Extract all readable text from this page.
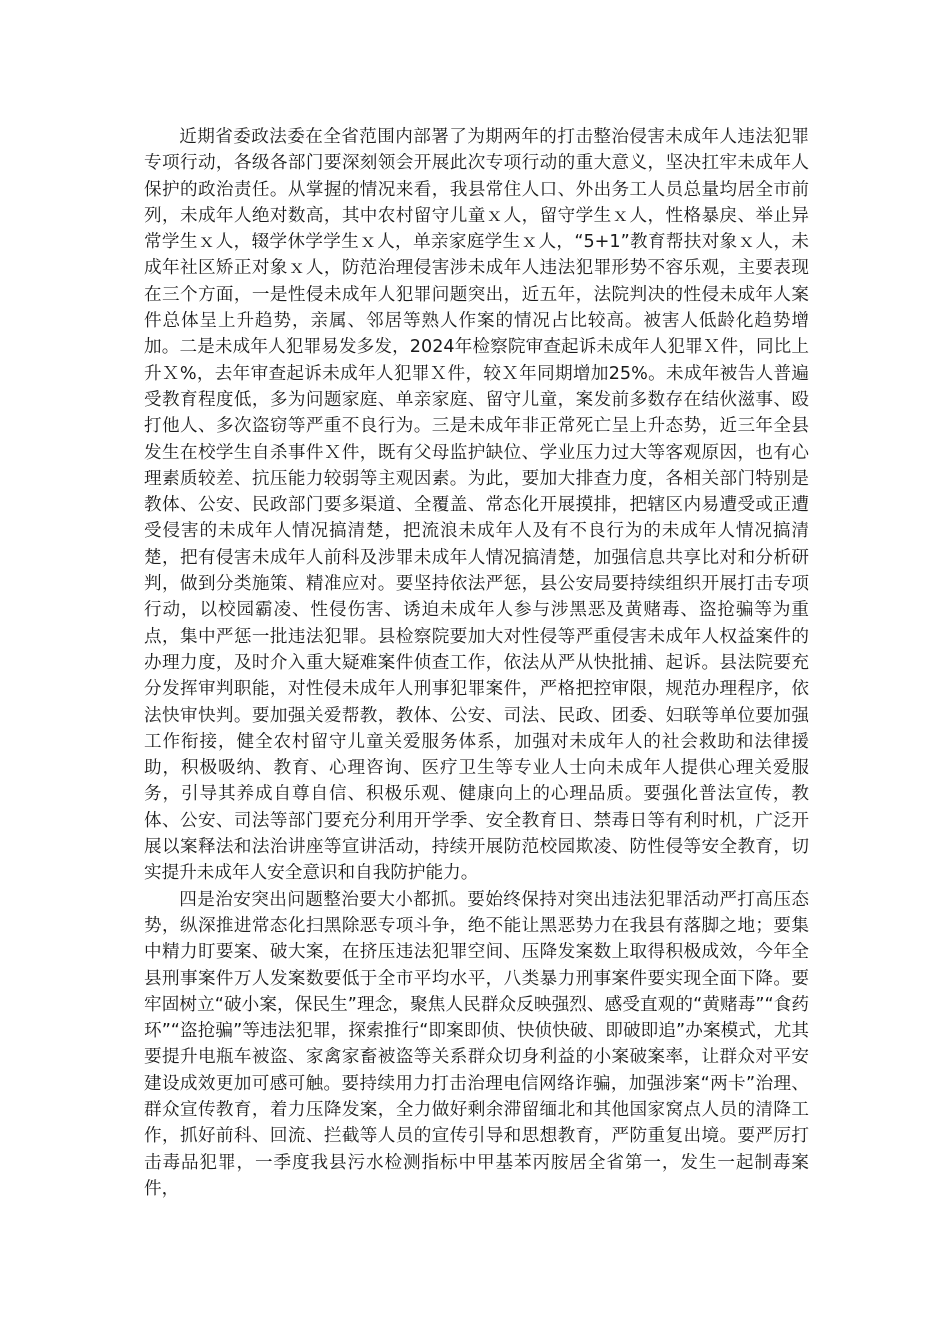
近期省委政法委在全省范围内部署了为期两年的打击整治侵害未成年人违法犯罪专项行动，各级各部门要深刻领会开展此次专项行动的重大意义，坚决扛牢未成年人保护的政治责任。从掌握的情况来看，我县常住人口、外出务工人员总量均居全市前列，未成年人绝对数高，其中农村留守儿童ｘ人，留守学生ｘ人，性格暴戾、举止异常学生ｘ人，辍学休学学生ｘ人，单亲家庭学生ｘ人，“5+1”教育帮扶对象ｘ人，未成年社区矫正对象ｘ人，防范治理侵害涉未成年人违法犯罪形势不容乐观，主要表现在三个方面，一是性侵未成年人犯罪问题突出，近五年，法院判决的性侵未成年人案件总体呈上升趋势，亲属、邻居等熟人作案的情况占比较高。被害人低龄化趋势增加。二是未成年人犯罪易发多发，2024年检察院审查起诉未成年人犯罪Ｘ件，同比上升Ｘ%，去年审查起诉未成年人犯罪Ｘ件，较Ｘ年同期增加25%。未成年被告人普遍受教育程度低，多为问题家庭、单亲家庭、留守儿童，案发前多数存在结伙滋事、殴打他人、多次盗窃等严重不良行为。三是未成年非正常死亡呈上升态势，近三年全县发生在校学生自杀事件Ｘ件，既有父母监护缺位、学业压力过大等客观原因，也有心理素质较差、抗压能力较弱等主观因素。为此，要加大排查力度，各相关部门特别是教体、公安、民政部门要多渠道、全覆盖、常态化开展摸排，把辖区内易遭受或正遭受侵害的未成年人情况搞清楚，把流浪未成年人及有不良行为的未成年人情况搞清楚，把有侵害未成年人前科及涉罪未成年人情况搞清楚，加强信息共享比对和分析研判，做到分类施策、精准应对。要坚持依法严惩，县公安局要持续组织开展打击专项行动，以校园霸凌、性侵伤害、诱迫未成年人参与涉黑恶及黄赌毒、盗抢骗等为重点，集中严惩一批违法犯罪。县检察院要加大对性侵等严重侵害未成年人权益案件的办理力度，及时介入重大疑难案件侦查工作，依法从严从快批捕、起诉。县法院要充分发挥审判职能，对性侵未成年人刑事犯罪案件，严格把控审限，规范办理程序，依法快审快判。要加强关爱帮教，教体、公安、司法、民政、团委、妇联等单位要加强工作衔接，健全农村留守儿童关爱服务体系，加强对未成年人的社会救助和法律援助，积极吸纳、教育、心理咨询、医疗卫生等专业人士向未成年人提供心理关爱服务，引导其养成自尊自信、积极乐观、健康向上的心理品质。要强化普法宣传，教体、公安、司法等部门要充分利用开学季、安全教育日、禁毒日等有利时机，广泛开展以案释法和法治讲座等宣讲活动，持续开展防范校园欺凌、防性侵等安全教育，切实提升未成年人安全意识和自我防护能力。

四是治安突出问题整治要大小都抓。要始终保持对突出违法犯罪活动严打高压态势，纵深推进常态化扫黑除恶专项斗争，绝不能让黑恶势力在我县有落脚之地；要集中精力盯要案、破大案，在挤压违法犯罪空间、压降发案数上取得积极成效，今年全县刑事案件万人发案数要低于全市平均水平，八类暴力刑事案件要实现全面下降。要牢固树立“破小案，保民生”理念，聚焦人民群众反映强烈、感受直观的“黄赌毒”“食药环”“盗抢骗”等违法犯罪，探索推行“即案即侦、快侦快破、即破即追”办案模式，尤其要提升电瓶车被盗、家禽家畜被盗等关系群众切身利益的小案破案率，让群众对平安建设成效更加可感可触。要持续用力打击治理电信网络诈骗，加强涉案“两卡”治理、群众宣传教育，着力压降发案，全力做好剩余滞留缅北和其他国家窝点人员的清降工作，抓好前科、回流、拦截等人员的宣传引导和思想教育，严防重复出境。要严厉打击毒品犯罪，一季度我县污水检测指标中甲基苯丙胺居全省第一，发生一起制毒案件，
